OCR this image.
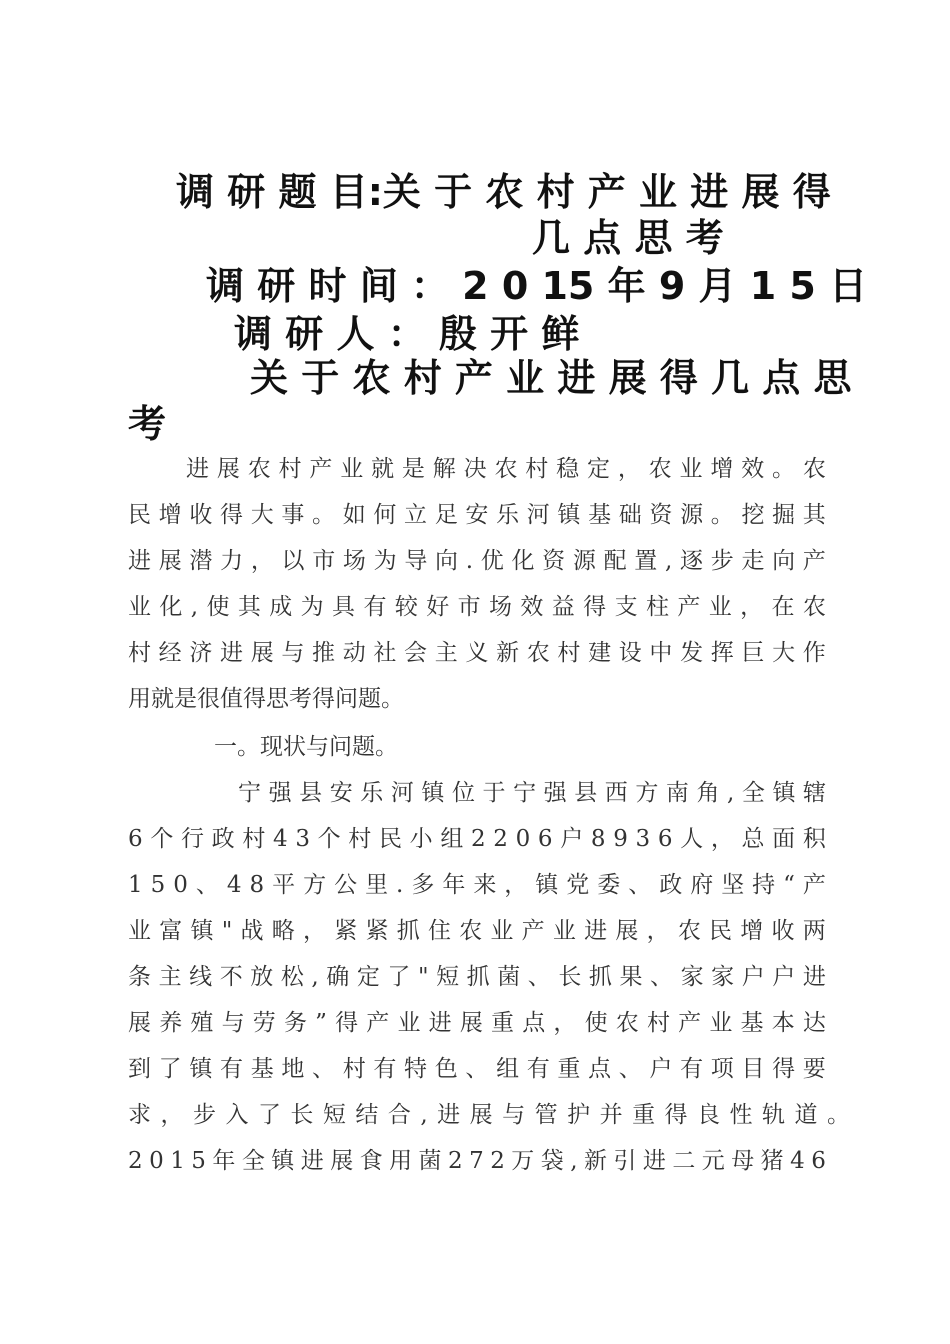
调 研 题 目:关 于 农 村 产 业 进 展 得
几 点 思 考
调 研 时 间 ： 2 0 15 年 9 月 1 5 日
调 研 人 ： 殷 开 鲜
关 于 农 村 产 业 进 展 得 几 点 思
考
进 展 农 村 产 业 就 是 解 决 农 村 稳 定 ， 农 业 增 效 。 农
民 增 收 得 大 事 。 如 何 立 足 安 乐 河 镇 基 础 资 源 。 挖 掘 其
进 展 潜 力 ， 以 市 场 为 导 向 . 优 化 资 源 配 置 , 逐 步 走 向 产
业 化 , 使 其 成 为 具 有 较 好 市 场 效 益 得 支 柱 产 业 ， 在 农
村 经 济 进 展 与 推 动 社 会 主 义 新 农 村 建 设 中 发 挥 巨 大 作
用就是很值得思考得问题。
一。现状与问题。
宁 强 县 安 乐 河 镇 位 于 宁 强 县 西 方 南 角 , 全 镇 辖
6 个 行 政 村 4 3 个 村 民 小 组 2 2 0 6 户 8 9 3 6 人 ， 总 面 积
1 5 0 、 4 8 平 方 公 里 . 多 年 来 ， 镇 党 委 、 政 府 坚 持 “ 产
业 富 镇 " 战 略 ， 紧 紧 抓 住 农 业 产 业 进 展 ， 农 民 增 收 两
条 主 线 不 放 松 , 确 定 了 " 短 抓 菌 、 长 抓 果 、 家 家 户 户 进
展 养 殖 与 劳 务 ” 得 产 业 进 展 重 点 ， 使 农 村 产 业 基 本 达
到 了 镇 有 基 地 、 村 有 特 色 、 组 有 重 点 、 户 有 项 目 得 要
求 ， 步 入 了 长 短 结 合 , 进 展 与 管 护 并 重 得 良 性 轨 道 。
2 0 1 5 年 全 镇 进 展 食 用 菌 2 7 2 万 袋 , 新 引 进 二 元 母 猪 4 6
